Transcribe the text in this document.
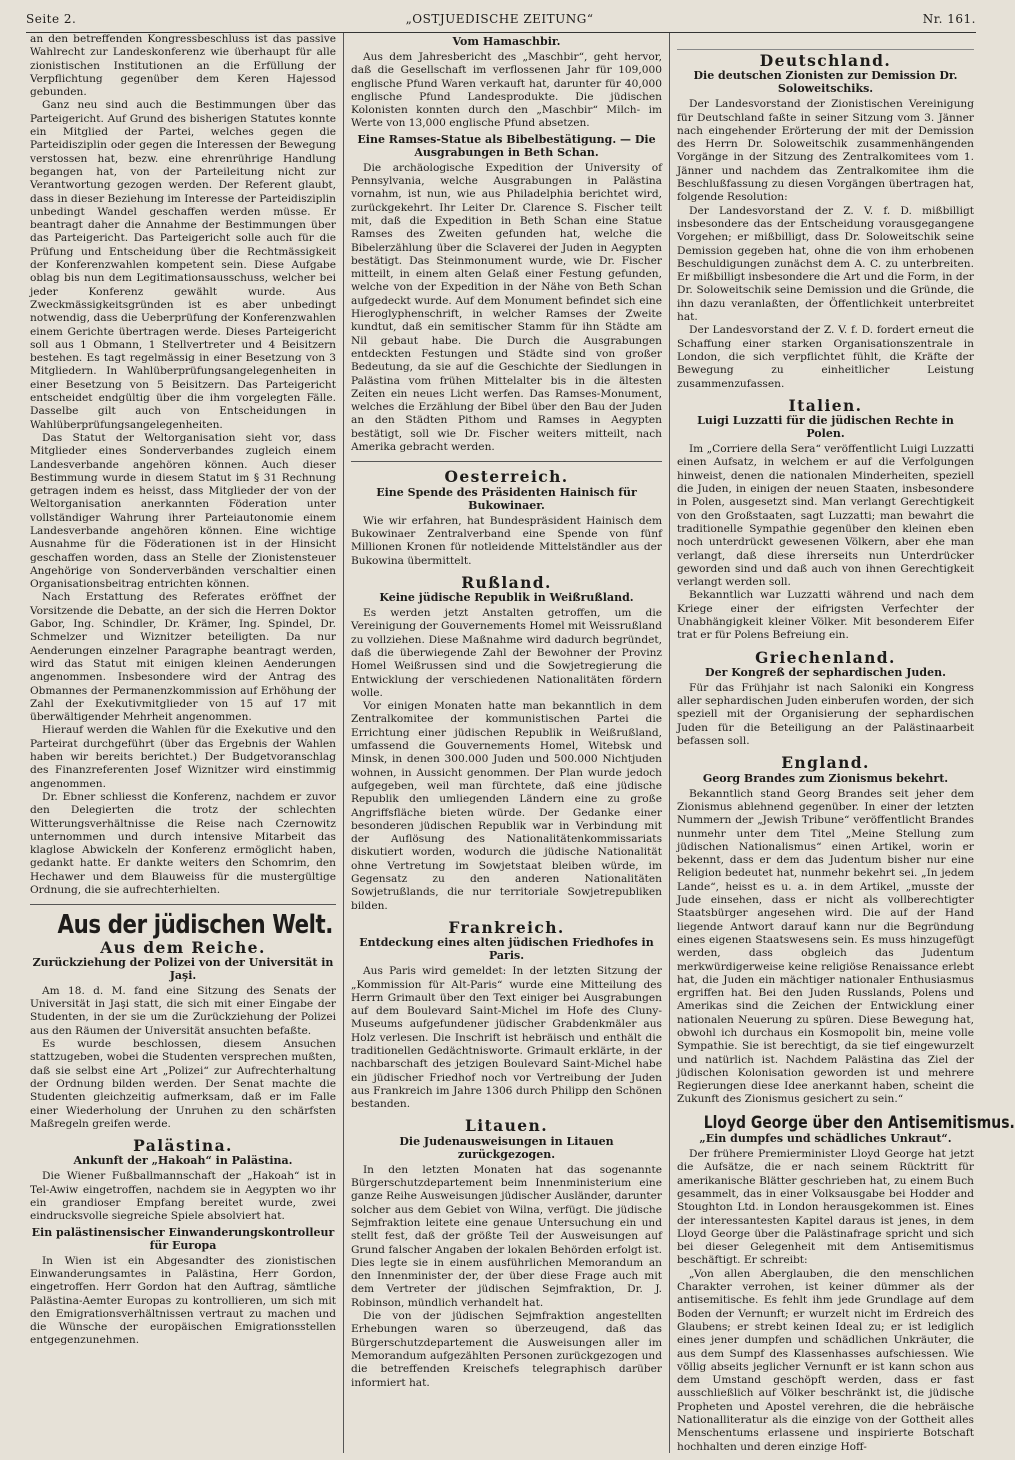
Seite 2.	„OSTJUEDISCHE ZEITUNG“	Nr. 161.

an den betreffenden Kongressbeschluss ist das passive Wahlrecht zur Landeskonferenz wie überhaupt für alle zionistischen Institutionen an die Erfüllung der Verpflichtung gegenüber dem Keren Hajessod gebunden.

Ganz neu sind auch die Bestimmungen über das Parteigericht. Auf Grund des bisherigen Statutes konnte ein Mitglied der Partei, welches gegen die Parteidisziplin oder gegen die Interessen der Bewegung verstossen hat, bezw. eine ehrenrührige Handlung begangen hat, von der Parteileitung nicht zur Verantwortung gezogen werden. Der Referent glaubt, dass in dieser Beziehung im Interesse der Parteidisziplin unbedingt Wandel geschaffen werden müsse. Er beantragt daher die Annahme der Bestimmungen über das Parteigericht. Das Parteigericht solle auch für die Prüfung und Entscheidung über die Rechtmässigkeit der Konferenzwahlen kompetent sein. Diese Aufgabe oblag bis nun dem Legitimationsausschuss, welcher bei jeder Konferenz gewählt wurde. Aus Zweckmässigkeitsgründen ist es aber unbedingt notwendig, dass die Ueberprüfung der Konferenzwahlen einem Gerichte übertragen werde. Dieses Parteigericht soll aus 1 Obmann, 1 Stellvertreter und 4 Beisitzern bestehen. Es tagt regelmässig in einer Besetzung von 3 Mitgliedern. In Wahlüberprüfungsangelegenheiten in einer Besetzung von 5 Beisitzern. Das Parteigericht entscheidet endgültig über die ihm vorgelegten Fälle. Dasselbe gilt auch von Entscheidungen in Wahlüberprüfungsangelegenheiten.

Das Statut der Weltorganisation sieht vor, dass Mitglieder eines Sonderverbandes zugleich einem Landesverbande angehören können. Auch dieser Bestimmung wurde in diesem Statut im § 31 Rechnung getragen indem es heisst, dass Mitglieder der von der Weltorganisation anerkannten Föderation unter vollständiger Wahrung ihrer Parteiautonomie einem Landesverbande angehören können. Eine wichtige Ausnahme für die Föderationen ist in der Hinsicht geschaffen worden, dass an Stelle der Zionistensteuer Angehörige von Sonderverbänden verschaltier einen Organisationsbeitrag entrichten können.

Nach Erstattung des Referates eröffnet der Vorsitzende die Debatte, an der sich die Herren Doktor Gabor, Ing. Schindler, Dr. Krämer, Ing. Spindel, Dr. Schmelzer und Wiznitzer beteiligten. Da nur Aenderungen einzelner Paragraphe beantragt werden, wird das Statut mit einigen kleinen Aenderungen angenommen. Insbesondere wird der Antrag des Obmannes der Permanenzkommission auf Erhöhung der Zahl der Exekutivmitglieder von 15 auf 17 mit überwältigender Mehrheit angenommen.

Hierauf werden die Wahlen für die Exekutive und den Parteirat durchgeführt (über das Ergebnis der Wahlen haben wir bereits berichtet.) Der Budgetvoranschlag des Finanzreferenten Josef Wiznitzer wird einstimmig angenommen.

Dr. Ebner schliesst die Konferenz, nachdem er zuvor den Delegierten die trotz der schlechten Witterungsverhältnisse die Reise nach Czernowitz unternommen und durch intensive Mitarbeit das klaglose Abwickeln der Konferenz ermöglicht haben, gedankt hatte. Er dankte weiters den Schomrim, den Hechawer und dem Blauweiss für die mustergültige Ordnung, die sie aufrechterhielten.

Aus der jüdischen Welt.
Aus dem Reiche.
Zurückziehung der Polizei von der Universität in Jaşi.

Am 18. d. M. fand eine Sitzung des Senats der Universität in Jaşi statt, die sich mit einer Eingabe der Studenten, in der sie um die Zurückziehung der Polizei aus den Räumen der Universität ansuchten befaßte.

Es wurde beschlossen, diesem Ansuchen stattzugeben, wobei die Studenten versprechen mußten, daß sie selbst eine Art „Polizei“ zur Aufrechterhaltung der Ordnung bilden werden. Der Senat machte die Studenten gleichzeitig aufmerksam, daß er im Falle einer Wiederholung der Unruhen zu den schärfsten Maßregeln greifen werde.

Palästina.
Ankunft der „Hakoah“ in Palästina.

Die Wiener Fußballmannschaft der „Hakoah“ ist in Tel-Awiw eingetroffen, nachdem sie in Aegypten wo ihr ein grandioser Empfang bereitet wurde, zwei eindrucksvolle siegreiche Spiele absolviert hat.

Ein palästinensischer Einwanderungskontrolleur für Europa

In Wien ist ein Abgesandter des zionistischen Einwanderungsamtes in Palästina, Herr Gordon, eingetroffen. Herr Gordon hat den Auftrag, sämtliche Palästina-Aemter Europas zu kontrollieren, um sich mit den Emigrationsverhältnissen vertraut zu machen und die Wünsche der europäischen Emigrationsstellen entgegenzunehmen.

Vom Hamaschbir.

Aus dem Jahresbericht des „Maschbir“, geht hervor, daß die Gesellschaft im verflossenen Jahr für 109,000 englische Pfund Waren verkauft hat, darunter für 40,000 englische Pfund Landesprodukte. Die jüdischen Kolonisten konnten durch den „Maschbir“ Milch- im Werte von 13,000 englische Pfund absetzen.

Eine Ramses-Statue als Bibelbestätigung. — Die Ausgrabungen in Beth Schan.

Die archäologische Expedition der University of Pennsylvania, welche Ausgrabungen in Palästina vornahm, ist nun, wie aus Philadelphia berichtet wird, zurückgekehrt. Ihr Leiter Dr. Clarence S. Fischer teilt mit, daß die Expedition in Beth Schan eine Statue Ramses des Zweiten gefunden hat, welche die Bibelerzählung über die Sclaverei der Juden in Aegypten bestätigt. Das Steinmonument wurde, wie Dr. Fischer mitteilt, in einem alten Gelaß einer Festung gefunden, welche von der Expedition in der Nähe von Beth Schan aufgedeckt wurde. Auf dem Monument befindet sich eine Hieroglyphenschrift, in welcher Ramses der Zweite kundtut, daß ein semitischer Stamm für ihn Städte am Nil gebaut habe. Die Durch die Ausgrabungen entdeckten Festungen und Städte sind von großer Bedeutung, da sie auf die Geschichte der Siedlungen in Palästina vom frühen Mittelalter bis in die ältesten Zeiten ein neues Licht werfen. Das Ramses-Monument, welches die Erzählung der Bibel über den Bau der Juden an den Städten Pithom und Ramses in Aegypten bestätigt, soll wie Dr. Fischer weiters mitteilt, nach Amerika gebracht werden.

Oesterreich.
Eine Spende des Präsidenten Hainisch für Bukowinaer.

Wie wir erfahren, hat Bundespräsident Hainisch dem Bukowinaer Zentralverband eine Spende von fünf Millionen Kronen für notleidende Mittelständler aus der Bukowina übermittelt.

Rußland.
Keine jüdische Republik in Weißrußland.

Es werden jetzt Anstalten getroffen, um die Vereinigung der Gouvernements Homel mit Weissrußland zu vollziehen. Diese Maßnahme wird dadurch begründet, daß die überwiegende Zahl der Bewohner der Provinz Homel Weißrussen sind und die Sowjetregierung die Entwicklung der verschiedenen Nationalitäten fördern wolle.

Vor einigen Monaten hatte man bekanntlich in dem Zentralkomitee der kommunistischen Partei die Errichtung einer jüdischen Republik in Weißrußland, umfassend die Gouvernements Homel, Witebsk und Minsk, in denen 300.000 Juden und 500.000 Nichtjuden wohnen, in Aussicht genommen. Der Plan wurde jedoch aufgegeben, weil man fürchtete, daß eine jüdische Republik den umliegenden Ländern eine zu große Angriffsfläche bieten würde. Der Gedanke einer besonderen jüdischen Republik war in Verbindung mit der Auflösung des Nationalitätenkommissariats diskutiert worden, wodurch die jüdische Nationalität ohne Vertretung im Sowjetstaat bleiben würde, im Gegensatz zu den anderen Nationalitäten Sowjetrußlands, die nur territoriale Sowjetrepubliken bilden.

Frankreich.
Entdeckung eines alten jüdischen Friedhofes in Paris.

Aus Paris wird gemeldet: In der letzten Sitzung der „Kommission für Alt-Paris“ wurde eine Mitteilung des Herrn Grimault über den Text einiger bei Ausgrabungen auf dem Boulevard Saint-Michel im Hofe des Cluny-Museums aufgefundener jüdischer Grabdenkmäler aus Holz verlesen. Die Inschrift ist hebräisch und enthält die traditionellen Gedächtnisworte. Grimault erklärte, in der nachbarschaft des jetzigen Boulevard Saint-Michel habe ein jüdischer Friedhof noch vor Vertreibung der Juden aus Frankreich im Jahre 1306 durch Philipp den Schönen bestanden.

Litauen.
Die Judenausweisungen in Litauen zurückgezogen.

In den letzten Monaten hat das sogenannte Bürgerschutzdepartement beim Innenministerium eine ganze Reihe Ausweisungen jüdischer Ausländer, darunter solcher aus dem Gebiet von Wilna, verfügt. Die jüdische Sejmfraktion leitete eine genaue Untersuchung ein und stellt fest, daß der größte Teil der Ausweisungen auf Grund falscher Angaben der lokalen Behörden erfolgt ist. Dies legte sie in einem ausführlichen Memorandum an den Innenminister der, der über diese Frage auch mit dem Vertreter der jüdischen Sejmfraktion, Dr. J. Robinson, mündlich verhandelt hat.

Die von der jüdischen Sejmfraktion angestellten Erhebungen waren so überzeugend, daß das Bürgerschutzdepartement die Ausweisungen aller im Memorandum aufgezählten Personen zurückgezogen und die betreffenden Kreischefs telegraphisch darüber informiert hat.

Deutschland.
Die deutschen Zionisten zur Demission Dr. Soloweitschiks.

Der Landesvorstand der Zionistischen Vereinigung für Deutschland faßte in seiner Sitzung vom 3. Jänner nach eingehender Erörterung der mit der Demission des Herrn Dr. Soloweitschik zusammenhängenden Vorgänge in der Sitzung des Zentralkomitees vom 1. Jänner und nachdem das Zentralkomitee ihm die Beschlußfassung zu diesen Vorgängen übertragen hat, folgende Resolution:

Der Landesvorstand der Z. V. f. D. mißbilligt insbesondere das der Entscheidung vorausgegangene Vorgehen; er mißbilligt, dass Dr. Soloweitschik seine Demission gegeben hat, ohne die von ihm erhobenen Beschuldigungen zunächst dem A. C. zu unterbreiten. Er mißbilligt insbesondere die Art und die Form, in der Dr. Soloweitschik seine Demission und die Gründe, die ihn dazu veranlaßten, der Öffentlichkeit unterbreitet hat.

Der Landesvorstand der Z. V. f. D. fordert erneut die Schaffung einer starken Organisationszentrale in London, die sich verpflichtet fühlt, die Kräfte der Bewegung zu einheitlicher Leistung zusammenzufassen.

Italien.
Luigi Luzzatti für die jüdischen Rechte in Polen.

Im „Corriere della Sera“ veröffentlicht Luigi Luzzatti einen Aufsatz, in welchem er auf die Verfolgungen hinweist, denen die nationalen Minderheiten, speziell die Juden, in einigen der neuen Staaten, insbesondere in Polen, ausgesetzt sind. Man verlangt Gerechtigkeit von den Großstaaten, sagt Luzzatti; man bewahrt die traditionelle Sympathie gegenüber den kleinen eben noch unterdrückt gewesenen Völkern, aber ehe man verlangt, daß diese ihrerseits nun Unterdrücker geworden sind und daß auch von ihnen Gerechtigkeit verlangt werden soll.

Bekanntlich war Luzzatti während und nach dem Kriege einer der eifrigsten Verfechter der Unabhängigkeit kleiner Völker. Mit besonderem Eifer trat er für Polens Befreiung ein.

Griechenland.
Der Kongreß der sephardischen Juden.

Für das Frühjahr ist nach Saloniki ein Kongress aller sephardischen Juden einberufen worden, der sich speziell mit der Organisierung der sephardischen Juden für die Beteiligung an der Palästinaarbeit befassen soll.

England.
Georg Brandes zum Zionismus bekehrt.

Bekanntlich stand Georg Brandes seit jeher dem Zionismus ablehnend gegenüber. In einer der letzten Nummern der „Jewish Tribune“ veröffentlicht Brandes nunmehr unter dem Titel „Meine Stellung zum jüdischen Nationalismus“ einen Artikel, worin er bekennt, dass er dem das Judentum bisher nur eine Religion bedeutet hat, nunmehr bekehrt sei. „In jedem Lande“, heisst es u. a. in dem Artikel, „musste der Jude einsehen, dass er nicht als vollberechtigter Staatsbürger angesehen wird. Die auf der Hand liegende Antwort darauf kann nur die Begründung eines eigenen Staatswesens sein. Es muss hinzugefügt werden, dass obgleich das Judentum merkwürdigerweise keine religiöse Renaissance erlebt hat, die Juden ein mächtiger nationaler Enthusiasmus ergriffen hat. Bei den Juden Russlands, Polens und Amerikas sind die Zeichen der Entwicklung einer nationalen Neuerung zu spüren. Diese Bewegung hat, obwohl ich durchaus ein Kosmopolit bin, meine volle Sympathie. Sie ist berechtigt, da sie tief eingewurzelt und natürlich ist. Nachdem Palästina das Ziel der jüdischen Kolonisation geworden ist und mehrere Regierungen diese Idee anerkannt haben, scheint die Zukunft des Zionismus gesichert zu sein.“

Lloyd George über den Antisemitismus.
„Ein dumpfes und schädliches Unkraut“.

Der frühere Premierminister Lloyd George hat jetzt die Aufsätze, die er nach seinem Rücktritt für amerikanische Blätter geschrieben hat, zu einem Buch gesammelt, das in einer Volksausgabe bei Hodder and Stoughton Ltd. in London herausgekommen ist. Eines der interessantesten Kapitel daraus ist jenes, in dem Lloyd George über die Palästinafrage spricht und sich bei dieser Gelegenheit mit dem Antisemitismus beschäftigt. Er schreibt:

„Von allen Aberglauben, die den menschlichen Charakter verrohen, ist keiner dümmer als der antisemitische. Es fehlt ihm jede Grundlage auf dem Boden der Vernunft; er wurzelt nicht im Erdreich des Glaubens; er strebt keinen Ideal zu; er ist lediglich eines jener dumpfen und schädlichen Unkräuter, die aus dem Sumpf des Klassenhasses aufschiessen. Wie völlig abseits jeglicher Vernunft er ist kann schon aus dem Umstand geschöpft werden, dass er fast ausschließlich auf Völker beschränkt ist, die jüdische Propheten und Apostel verehren, die die hebräische Nationalliteratur als die einzige von der Gottheit alles Menschentums erlassene und inspirierte Botschaft hochhalten und deren einzige Hoff-
